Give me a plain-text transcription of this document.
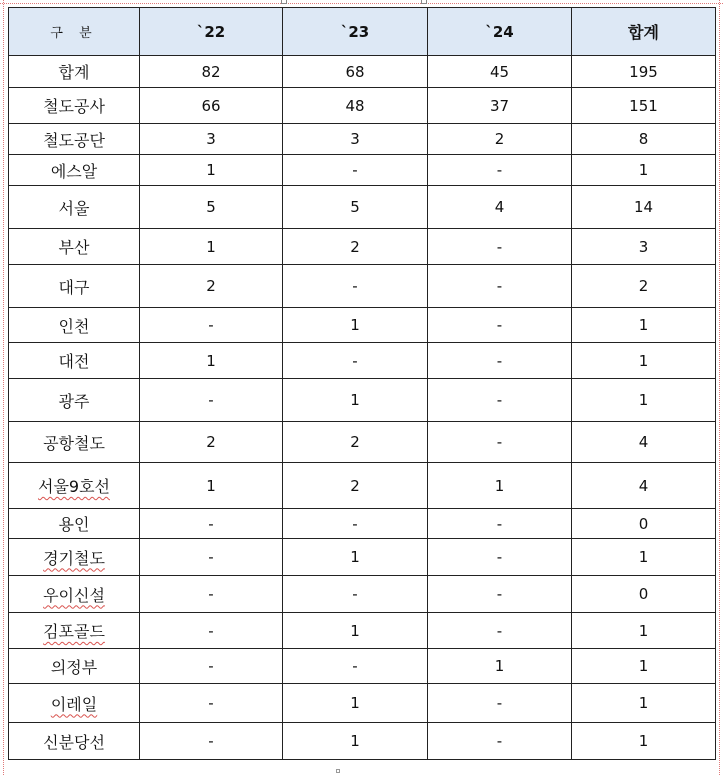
구 분	`22	`23	`24	합계
합계	82	68	45	195
철도공사	66	48	37	151
철도공단	3	3	2	8
에스알	1	-	-	1
서울	5	5	4	14
부산	1	2	-	3
대구	2	-	-	2
인천	-	1	-	1
대전	1	-	-	1
광주	-	1	-	1
공항철도	2	2	-	4
서울9호선	1	2	1	4
용인	-	-	-	0
경기철도	-	1	-	1
우이신설	-	-	-	0
김포골드	-	1	-	1
의정부	-	-	1	1
이레일	-	1	-	1
신분당선	-	1	-	1
